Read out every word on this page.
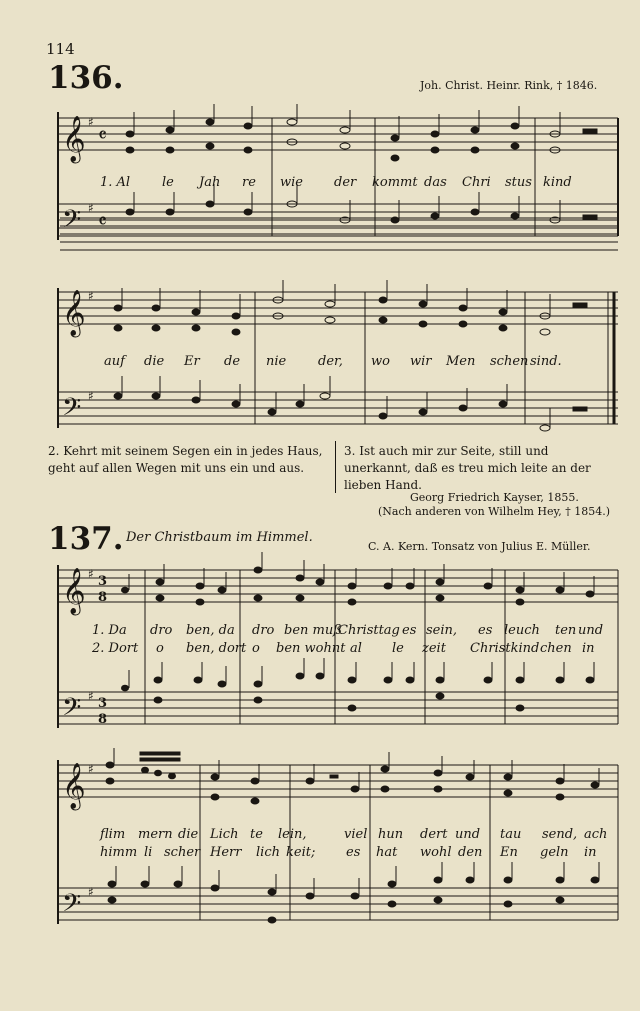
114
136.	Joh. Christ. Heinr. Rink, † 1846.
𝄞
𝄢
𝄞
𝄢
𝄞
𝄢
𝄞
𝄢
♯
♯
♯
♯
♯
♯
♯
♯
𝄴
𝄴
3
8
3
8
1. Al le Jah re wie der kommt das Chri stus kind
auf die Er de nie der, wo wir Men schen sind.
2. Kehrt mit seinem Segen ein in jedes Haus, geht auf allen Wegen mit uns ein und aus.
3. Ist auch mir zur Seite, still und unerkannt, daß es treu mich leite an der lieben Hand.
Georg Friedrich Kayser, 1855.
(Nach anderen von Wilhelm Hey, † 1854.)
137. Der Christbaum im Himmel.
C. A. Kern. Tonsatz von Julius E. Müller.
1. Da dro ben, da dro ben muß
Christtag es sein, es leuch ten und
2. Dort o ben, dort o ben wohnt al le zeit Christkind chen in
flim mern die Lich te lein,	viel hun dert und tau send, ach
himm li scher Herr lich keit; es hat wohl den En geln in
